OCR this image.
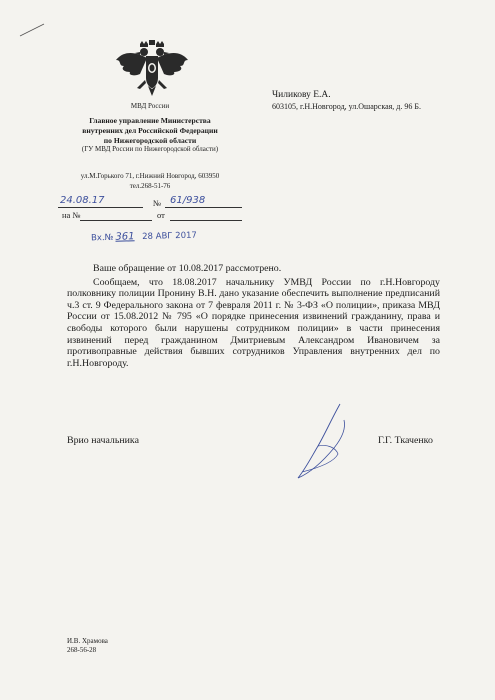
МВД России
Главное управление Министерства
внутренних дел Российской Федерации
по Нижегородской области
(ГУ МВД России по Нижегородской области)
ул.М.Горького 71, г.Нижний Новгород, 603950
тел.268-51-76
Чиликову Е.А.
603105, г.Н.Новгород, ул.Ошарская, д. 96 Б.
24.08.17	№ 61/938
на №	от
Вх.№ 361 28 АВГ 2017

Ваше обращение от 10.08.2017 рассмотрено.

Сообщаем, что 18.08.2017 начальнику УМВД России по г.Н.Новгороду полковнику полиции Пронину В.Н. дано указание обеспечить выполнение предписаний ч.3 ст. 9 Федерального закона от 7 февраля 2011 г. № 3-ФЗ «О полиции», приказа МВД России от 15.08.2012 № 795 «О порядке принесения извинений гражданину, права и свободы которого были нарушены сотрудником полиции» в части принесения извинений перед гражданином Дмитриевым Александром Ивановичем за противоправные действия бывших сотрудников Управления внутренних дел по г.Н.Новгороду.

Врио начальника	Г.Г. Ткаченко
И.В. Храмова
268-56-28
